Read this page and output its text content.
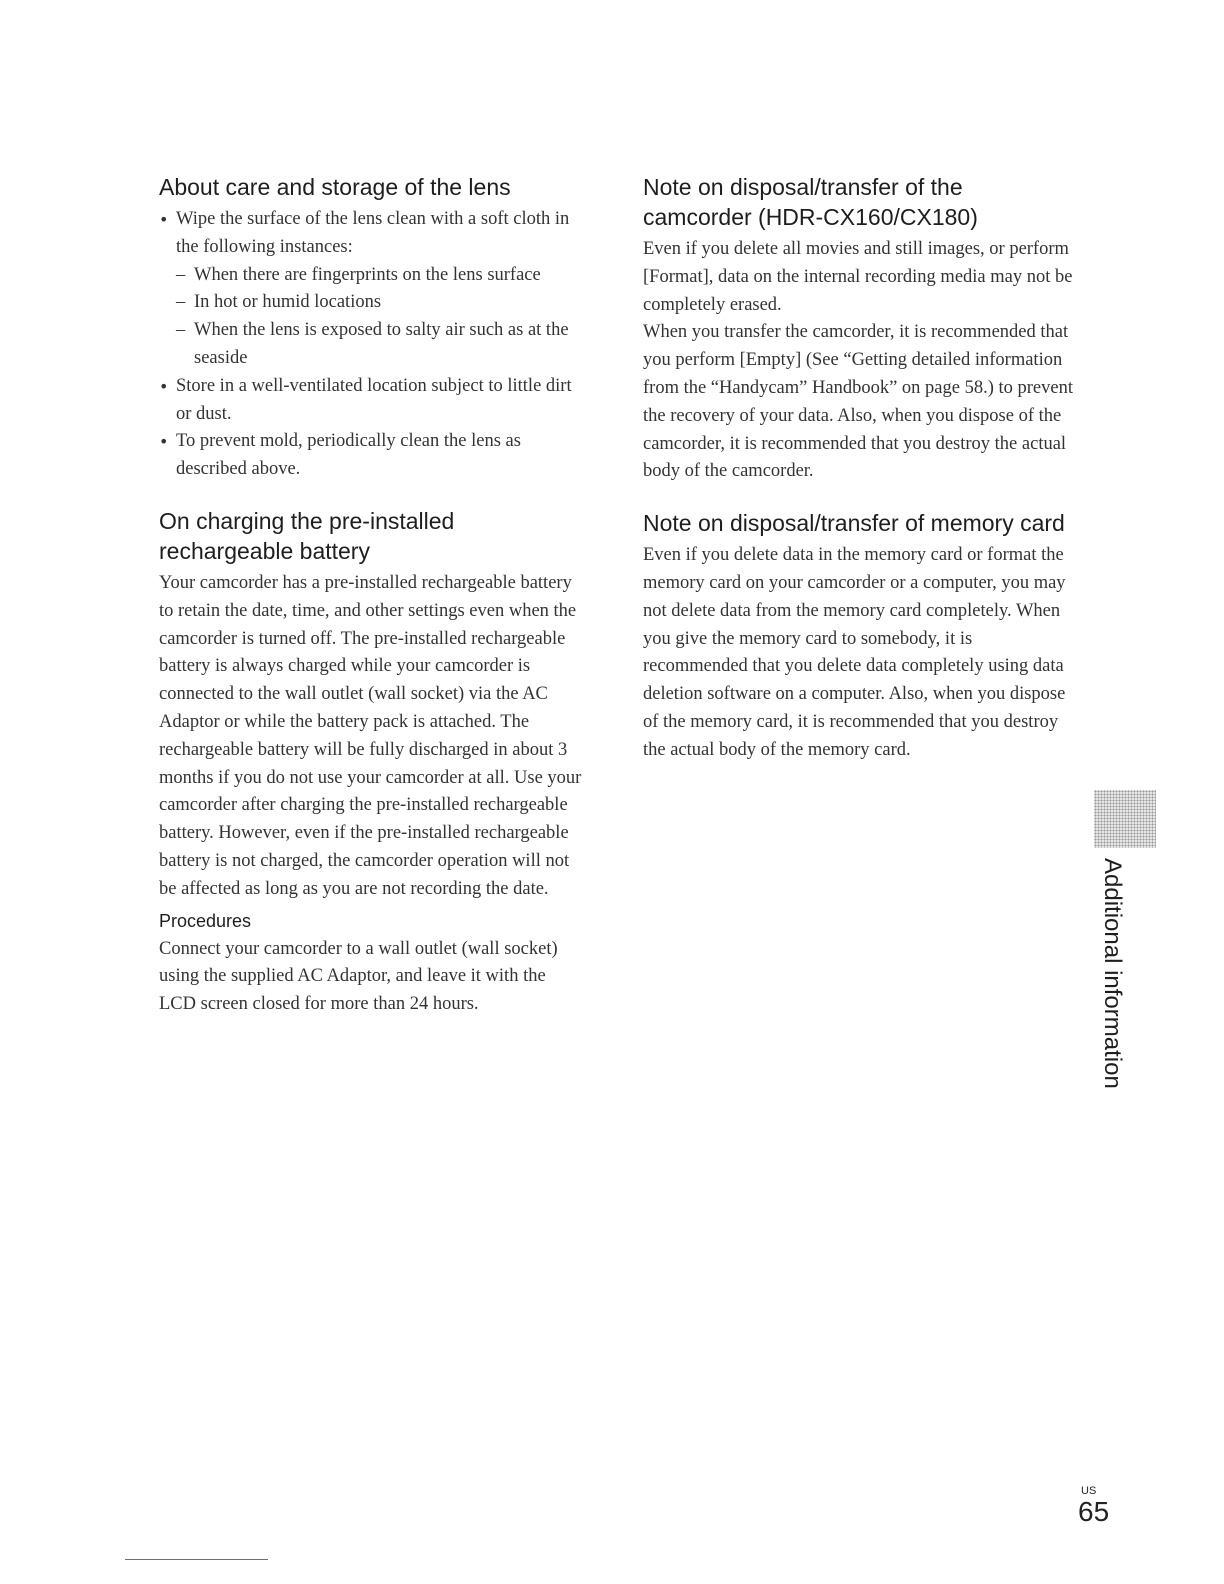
About care and storage of the lens
• Wipe the surface of the lens clean with a soft cloth in the following instances:
– When there are fingerprints on the lens surface
– In hot or humid locations
– When the lens is exposed to salty air such as at the seaside
• Store in a well-ventilated location subject to little dirt or dust.
• To prevent mold, periodically clean the lens as described above.
On charging the pre-installed rechargeable battery

Your camcorder has a pre-installed rechargeable battery to retain the date, time, and other settings even when the camcorder is turned off. The pre-installed rechargeable battery is always charged while your camcorder is connected to the wall outlet (wall socket) via the AC Adaptor or while the battery pack is attached. The rechargeable battery will be fully discharged in about 3 months if you do not use your camcorder at all. Use your camcorder after charging the pre-installed rechargeable battery. However, even if the pre-installed rechargeable battery is not charged, the camcorder operation will not be affected as long as you are not recording the date.

Procedures

Connect your camcorder to a wall outlet (wall socket) using the supplied AC Adaptor, and leave it with the LCD screen closed for more than 24 hours.

Note on disposal/transfer of the camcorder (HDR-CX160/CX180)

Even if you delete all movies and still images, or perform [Format], data on the internal recording media may not be completely erased.

When you transfer the camcorder, it is recommended that you perform [Empty] (See “Getting detailed information from the “Handycam” Handbook” on page 58.) to prevent the recovery of your data. Also, when you dispose of the camcorder, it is recommended that you destroy the actual body of the camcorder.

Note on disposal/transfer of memory card

Even if you delete data in the memory card or format the memory card on your camcorder or a computer, you may not delete data from the memory card completely. When you give the memory card to somebody, it is recommended that you delete data completely using data deletion software on a computer. Also, when you dispose of the memory card, it is recommended that you destroy the actual body of the memory card.

Additional information
US
65
